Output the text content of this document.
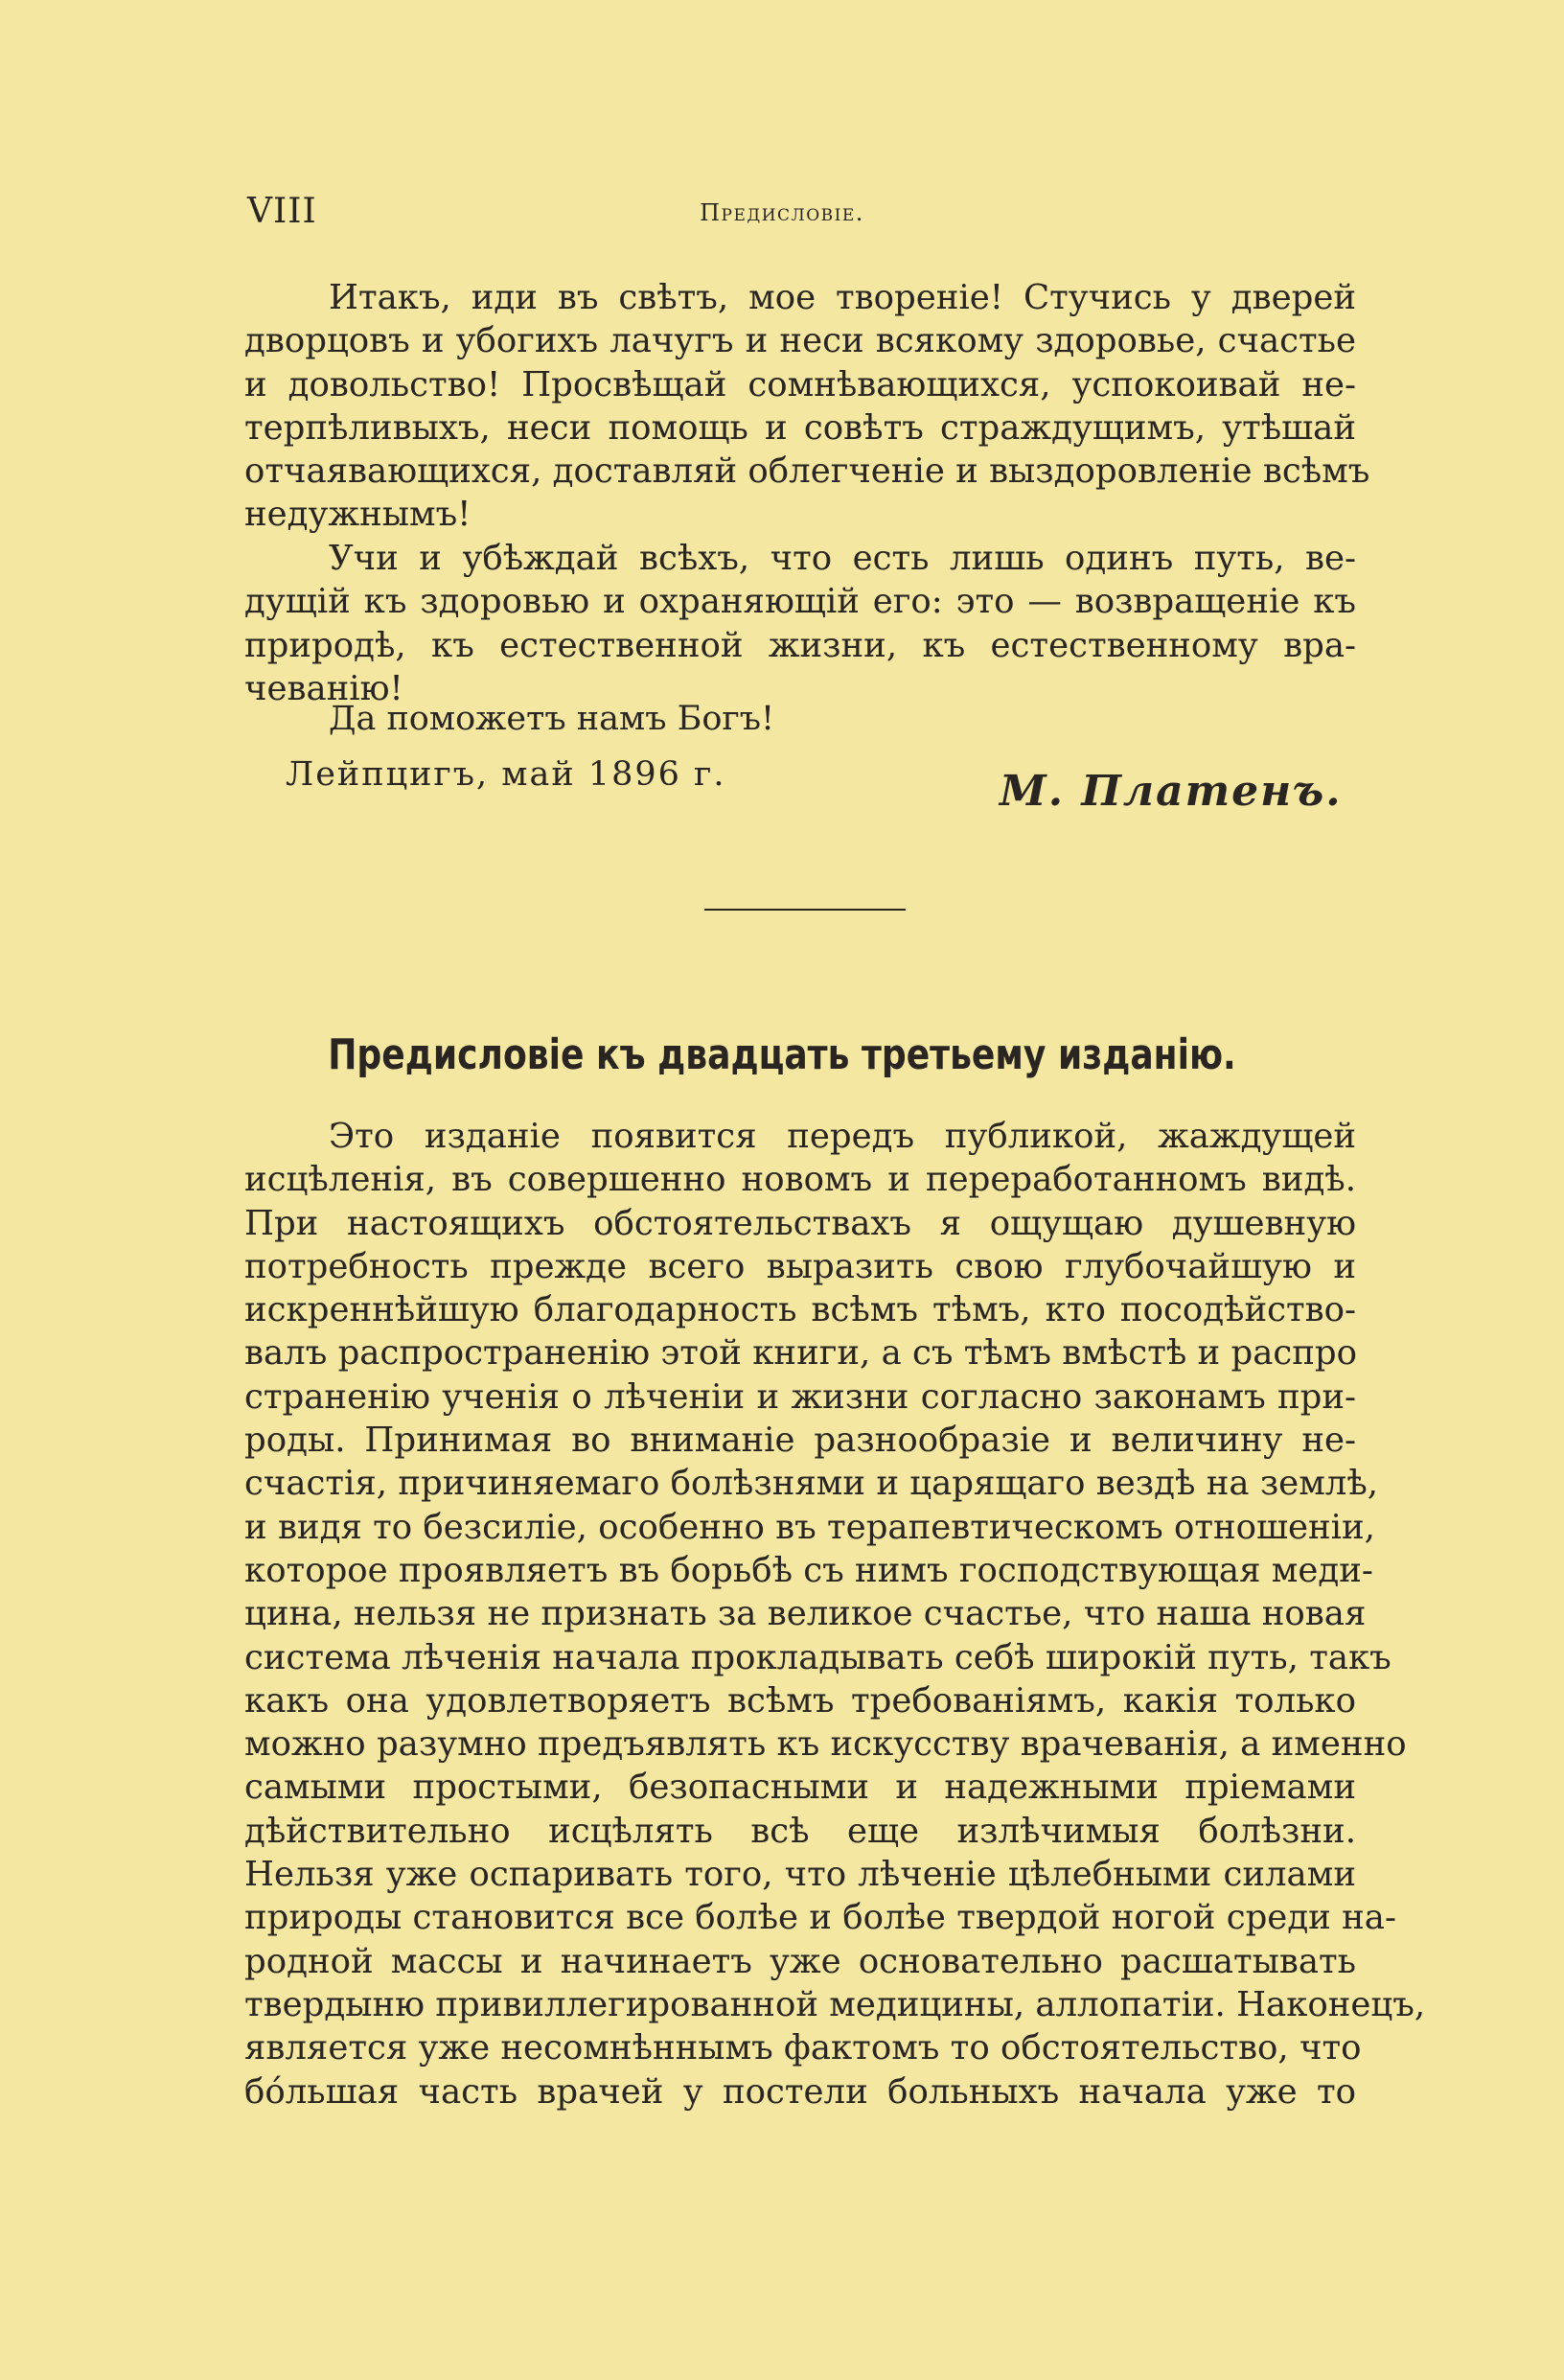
VIII	Предисловіе.
Итакъ, иди въ свѣтъ, мое твореніе! Стучись у дверей
дворцовъ и убогихъ лачугъ и неси всякому здоровье, счастье
и довольство! Просвѣщай сомнѣвающихся, успокоивай не-
терпѣливыхъ, неси помощь и совѣтъ страждущимъ, утѣшай
отчаявающихся, доставляй облегченіе и выздоровленіе всѣмъ
недужнымъ!
Учи и убѣждай всѣхъ, что есть лишь одинъ путь, ве-
дущій къ здоровью и охраняющій его: это — возвращеніе къ
природѣ, къ естественной жизни, къ естественному вра-
чеванію!
Да поможетъ намъ Богъ!
Лейпцигъ, май 1896 г.	М. Платенъ.
Предисловіе къ двадцать третьему изданію.
Это изданіе появится передъ публикой, жаждущей
исцѣленія, въ совершенно новомъ и переработанномъ видѣ.
При настоящихъ обстоятельствахъ я ощущаю душевную
потребность прежде всего выразить свою глубочайшую и
искреннѣйшую благодарность всѣмъ тѣмъ, кто посодѣйство-
валъ распространенію этой книги, а съ тѣмъ вмѣстѣ и распро
страненію ученія о лѣченіи и жизни согласно законамъ при-
роды. Принимая во вниманіе разнообразіе и величину не-
счастія, причиняемаго болѣзнями и царящаго вездѣ на землѣ,
и видя то безсиліе, особенно въ терапевтическомъ отношеніи,
которое проявляетъ въ борьбѣ съ нимъ господствующая меди-
цина, нельзя не признать за великое счастье, что наша новая
система лѣченія начала прокладывать себѣ широкій путь, такъ
какъ она удовлетворяетъ всѣмъ требованіямъ, какія только
можно разумно предъявлять къ искусству врачеванія, а именно
самыми простыми, безопасными и надежными пріемами
дѣйствительно исцѣлять всѣ еще излѣчимыя болѣзни.
Нельзя уже оспаривать того, что лѣченіе цѣлебными силами
природы становится все болѣе и болѣе твердой ногой среди на-
родной массы и начинаетъ уже основательно расшатывать
твердыню привиллегированной медицины, аллопатіи. Наконецъ,
является уже несомнѣннымъ фактомъ то обстоятельство, что
бо́льшая часть врачей у постели больныхъ начала уже то
